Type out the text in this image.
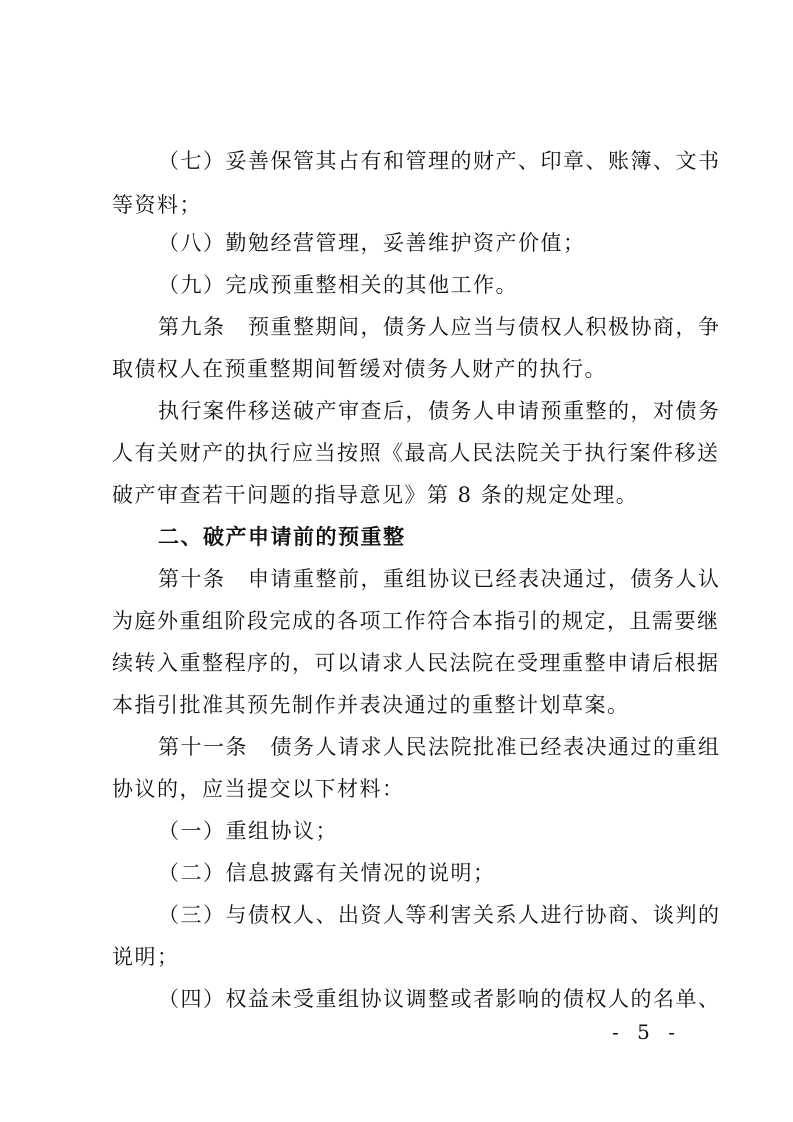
（七）妥善保管其占有和管理的财产、印章、账簿、文书
等资料；
（八）勤勉经营管理，妥善维护资产价值；
（九）完成预重整相关的其他工作。
第九条　预重整期间，债务人应当与债权人积极协商，争
取债权人在预重整期间暂缓对债务人财产的执行。
执行案件移送破产审查后，债务人申请预重整的，对债务
人有关财产的执行应当按照《最高人民法院关于执行案件移送
破产审查若干问题的指导意见》第 8 条的规定处理。
二、破产申请前的预重整
第十条　申请重整前，重组协议已经表决通过，债务人认
为庭外重组阶段完成的各项工作符合本指引的规定，且需要继
续转入重整程序的，可以请求人民法院在受理重整申请后根据
本指引批准其预先制作并表决通过的重整计划草案。
第十一条　债务人请求人民法院批准已经表决通过的重组
协议的，应当提交以下材料：
（一）重组协议；
（二）信息披露有关情况的说明；
（三）与债权人、出资人等利害关系人进行协商、谈判的
说明；
（四）权益未受重组协议调整或者影响的债权人的名单、
- 5 -
